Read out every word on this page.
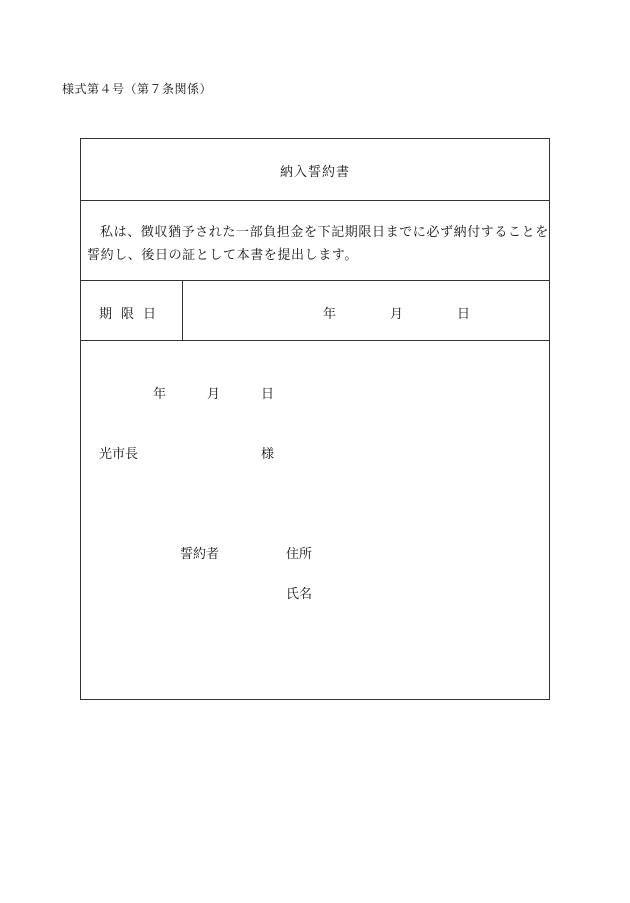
様式第４号（第７条関係）
納入誓約書
私は、徴収猶予された一部負担金を下記期限日までに必ず納付することを
誓約し、後日の証として本書を提出します。
期限日	年	月	日
年	月	日
光市長	様
誓約者	住所
氏名
